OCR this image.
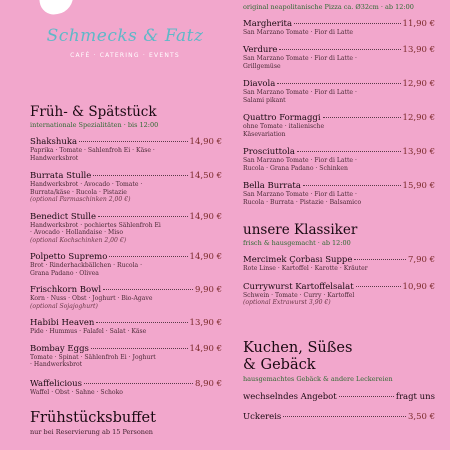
Schmecks & Fatz
CAFÉ · CATERING · EVENTS
Früh- & Spätstück
internationale Spezialitäten · bis 12:00
Shakshuka	14,90 €
Paprika · Tomate · Sahlenfroh Ei · Käse ·
Handwerksbrot
Burrata Stulle	14,50 €
Handwerksbrot · Avocado · Tomate ·
Burrata/käse · Rucola · Pistazie
(optional Parmaschinken 2,00 €)
Benedict Stulle	14,90 €
Handwerksbrot · pochiertes Sählenfroh Ei
· Avocado · Hollandaise · Miso
(optional Kochschinken 2,00 €)
Polpetto Supremo	14,90 €
Brot · Rinderhackbällchen · Rucola ·
Grana Padano · Olivea
Frischkorn Bowl	9,90 €
Korn · Nuss · Obst · Joghurt · Bio-Agave
(optional Sojajoghurt)
Habibi Heaven	13,90 €
Pide · Hummus · Falafel · Salat · Käse
Bombay Eggs	14,90 €
Tomate · Spinat · Sählenfroh Ei · Joghurt
· Handwerksbrot
Waffelicious	8,90 €
Waffel · Obst · Sahne · Schoko
Frühstücksbuffet
nur bei Reservierung ab 15 Personen
original neapolitanische Pizza ca. Ø32cm · ab 12:00
Margherita	11,90 €
San Marzano Tomate · Fior di Latte
Verdure	13,90 €
San Marzano Tomate · Fior di Latte ·
Grillgemüse
Diavola	12,90 €
San Marzano Tomate · Fior di Latte ·
Salami pikant
Quattro Formaggi	12,90 €
ohne Tomate · italienische
Käsevariation
Prosciuttola	13,90 €
San Marzano Tomate · Fior di Latte ·
Rucola · Grana Padano · Schinken
Bella Burrata	15,90 €
San Marzano Tomate · Fior di Latte ·
Rucola · Burrata · Pistazie · Balsamico
unsere Klassiker
frisch & hausgemacht · ab 12:00
Mercimek Çorbası Suppe	7,90 €
Rote Linse · Kartoffel · Karotte · Kräuter
Currywurst Kartoffelsalat	10,90 €
Schwein · Tomate · Curry · Kartoffel
(optional Extrawurst 3,90 €)
Kuchen, Süßes
& Gebäck
hausgemachtes Gebäck & andere Leckereien
wechselndes Angebot	fragt uns
Uckereis	3,50 €
